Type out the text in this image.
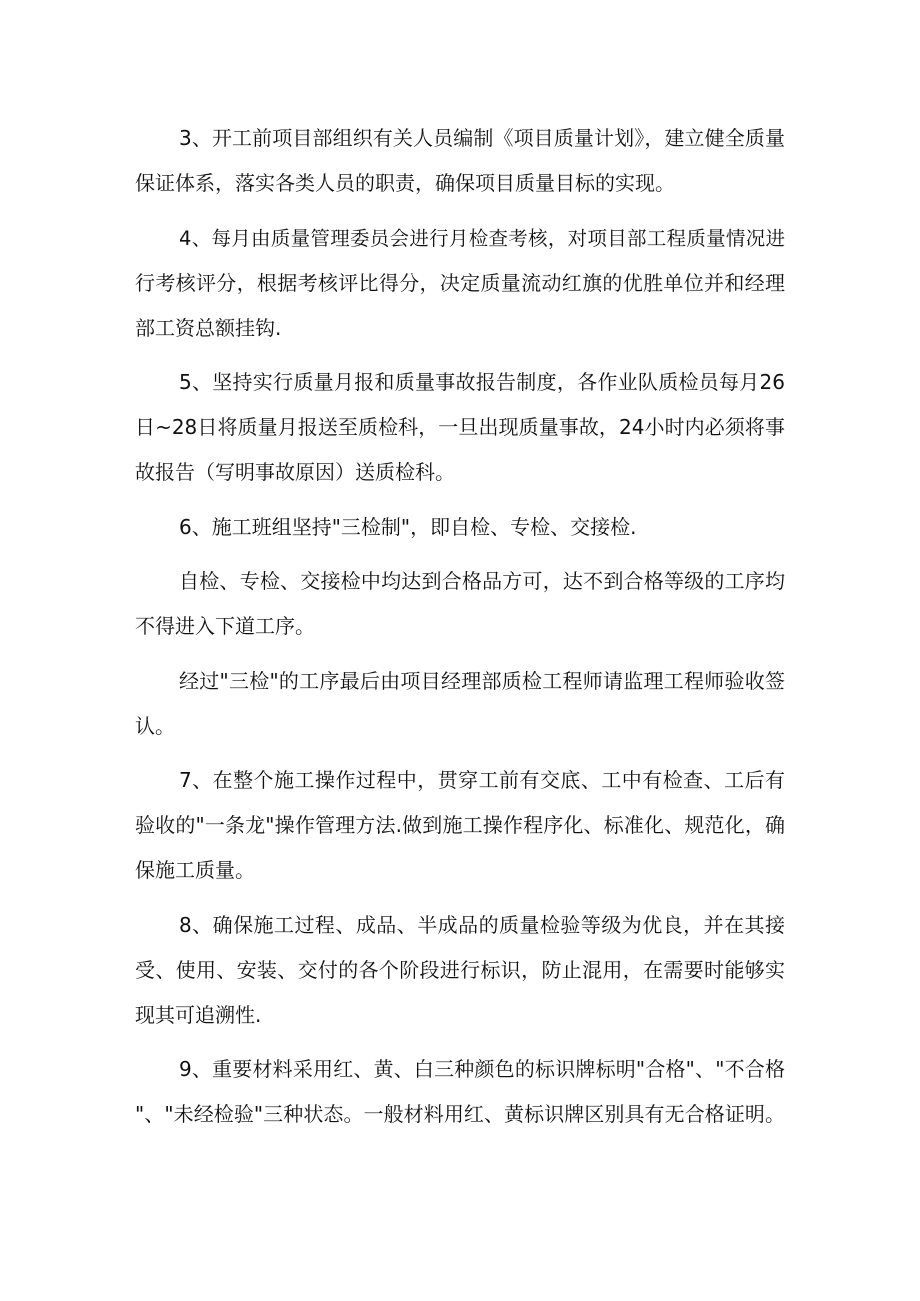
3、开工前项目部组织有关人员编制《项目质量计划》，建立健全质量
保证体系，落实各类人员的职责，确保项目质量目标的实现。
4、每月由质量管理委员会进行月检查考核，对项目部工程质量情况进
行考核评分，根据考核评比得分，决定质量流动红旗的优胜单位并和经理
部工资总额挂钩.
5、坚持实行质量月报和质量事故报告制度，各作业队质检员每月26
日~28日将质量月报送至质检科，一旦出现质量事故，24小时内必须将事
故报告（写明事故原因）送质检科。
6、施工班组坚持"三检制"，即自检、专检、交接检.
自检、专检、交接检中均达到合格品方可，达不到合格等级的工序均
不得进入下道工序。
经过"三检"的工序最后由项目经理部质检工程师请监理工程师验收签
认。
7、在整个施工操作过程中，贯穿工前有交底、工中有检查、工后有
验收的"一条龙"操作管理方法.做到施工操作程序化、标准化、规范化，确
保施工质量。
8、确保施工过程、成品、半成品的质量检验等级为优良，并在其接
受、使用、安装、交付的各个阶段进行标识，防止混用，在需要时能够实
现其可追溯性.
9、重要材料采用红、黄、白三种颜色的标识牌标明"合格"、"不合格
"、"未经检验"三种状态。一般材料用红、黄标识牌区别具有无合格证明。
